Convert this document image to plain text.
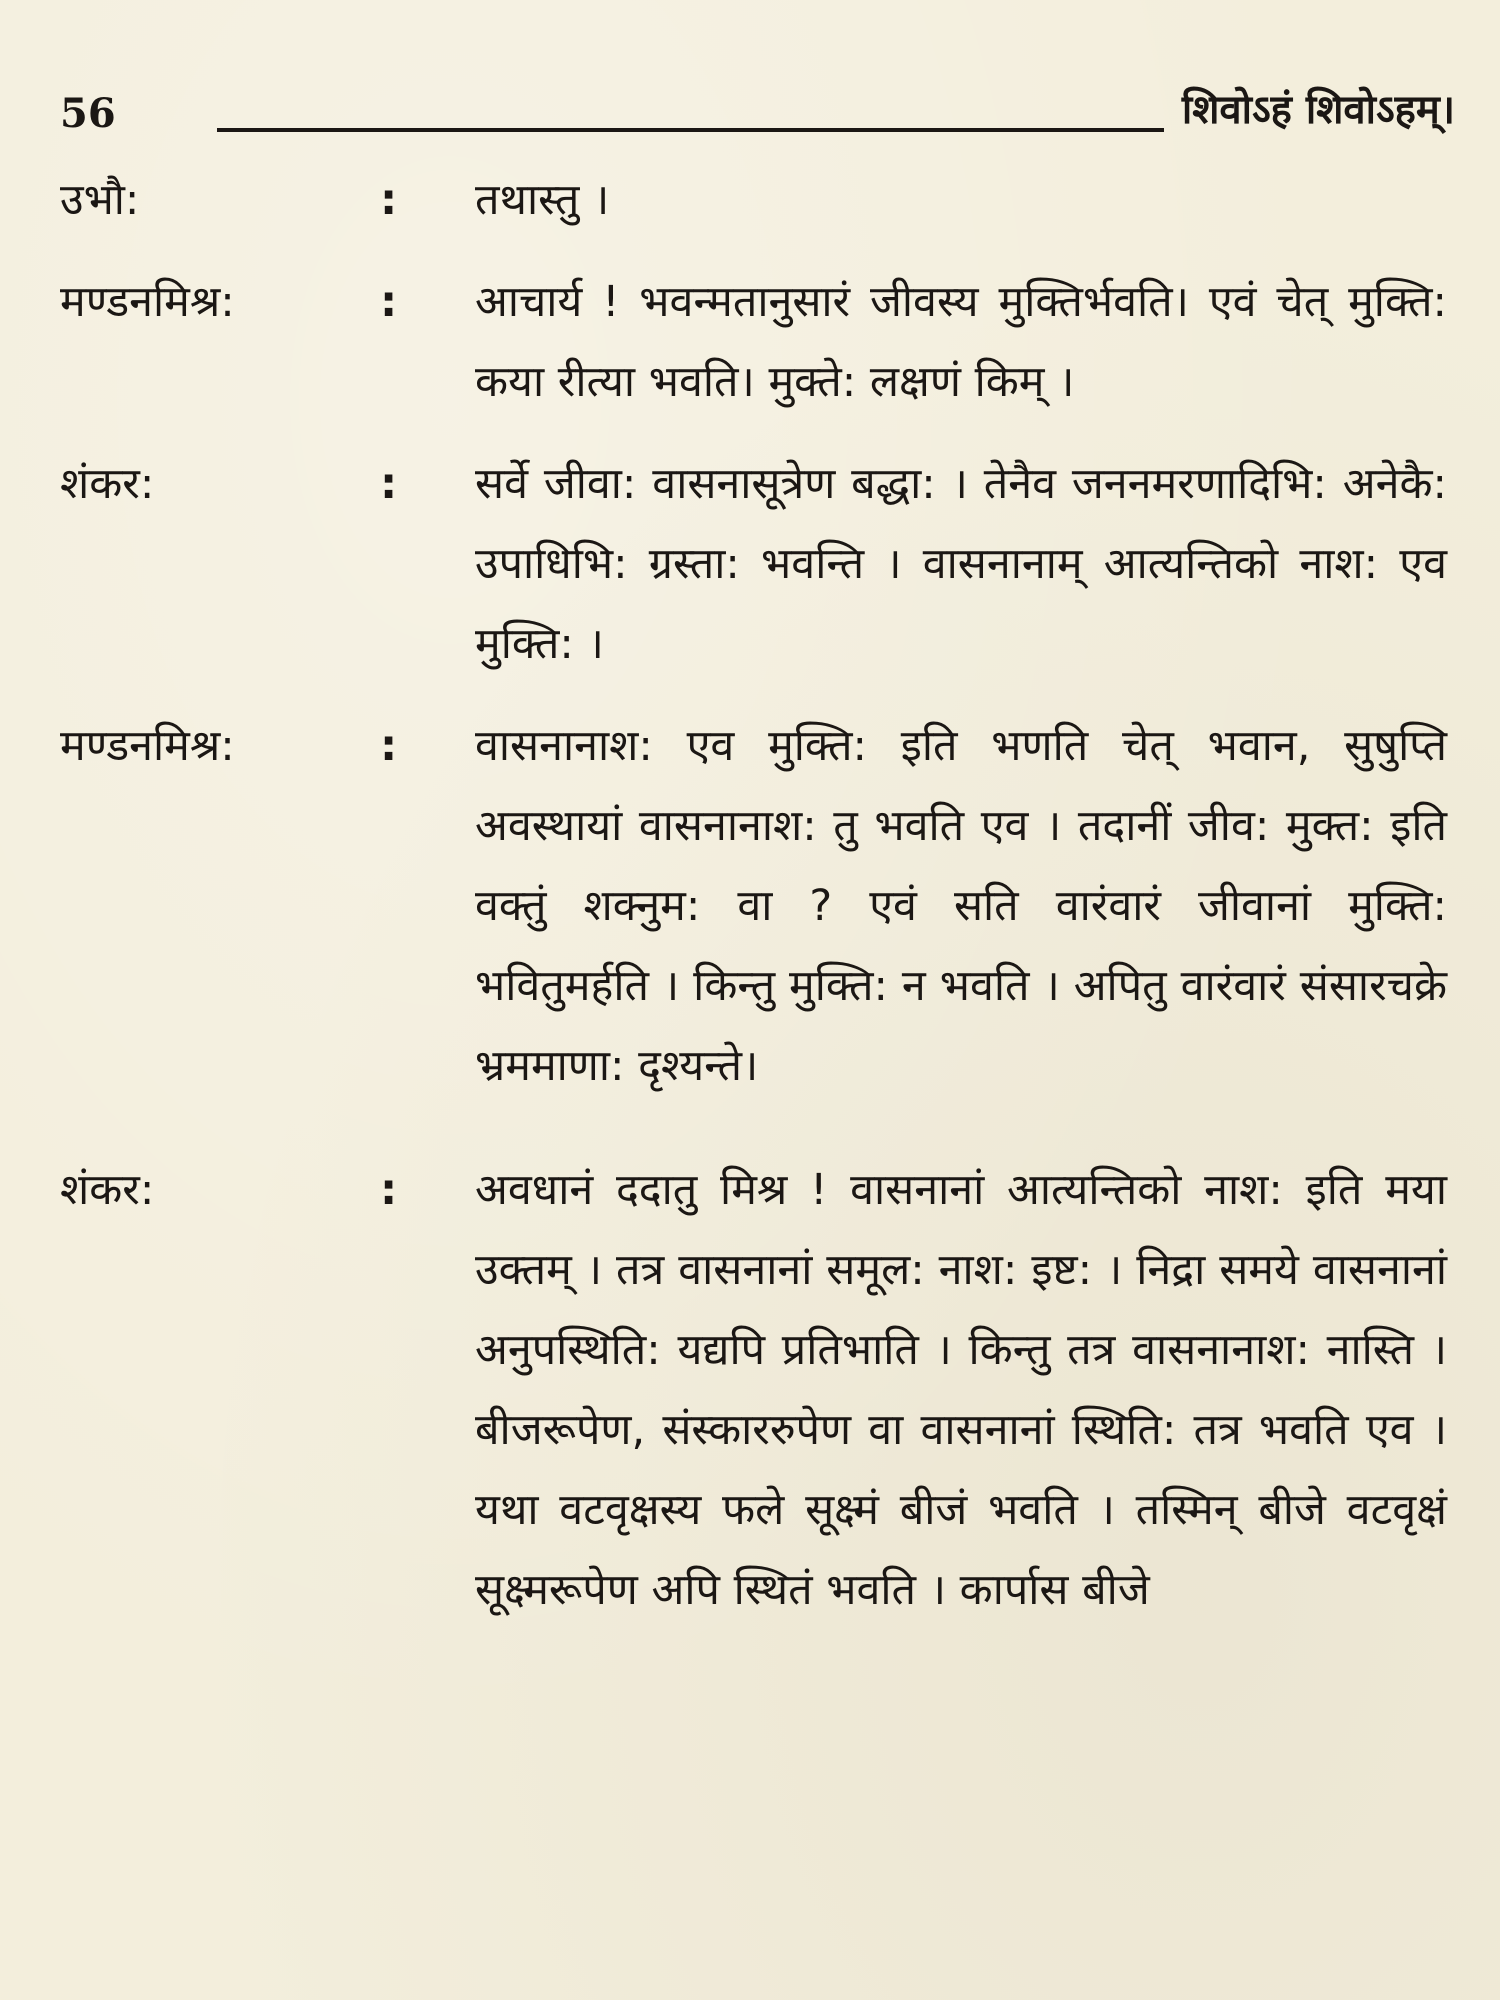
56	शिवोऽहं शिवोऽहम्।
उभौ:	:	तथास्तु ।

मण्डनमिश्र:	:	आचार्य ! भवन्मतानुसारं जीवस्य मुक्तिर्भवति। एवं चेत् मुक्ति: कया रीत्या भवति। मुक्ते: लक्षणं किम् ।

शंकर:	:	सर्वे जीवा: वासनासूत्रेण बद्धा: । तेनैव जननमरणादिभि: अनेकै: उपाधिभि: ग्रस्ता: भवन्ति । वासनानाम् आत्यन्तिको नाश: एव मुक्ति: ।

मण्डनमिश्र:	:	वासनानाश: एव मुक्ति: इति भणति चेत् भवान, सुषुप्ति अवस्थायां वासनानाश: तु भवति एव । तदानीं जीव: मुक्त: इति वक्तुं शक्नुम: वा ? एवं सति वारंवारं जीवानां मुक्ति: भवितुमर्हति । किन्तु मुक्ति: न भवति । अपितु वारंवारं संसारचक्रे भ्रममाणा: दृश्यन्ते।

शंकर:	:	अवधानं ददातु मिश्र ! वासनानां आत्यन्तिको नाश: इति मया उक्तम् । तत्र वासनानां समूल: नाश: इष्ट: । निद्रा समये वासनानां अनुपस्थिति: यद्यपि प्रतिभाति । किन्तु तत्र वासनानाश: नास्ति । बीजरूपेण, संस्काररुपेण वा वासनानां स्थिति: तत्र भवति एव । यथा वटवृक्षस्य फले सूक्ष्मं बीजं भवति । तस्मिन् बीजे वटवृक्षं सूक्ष्मरूपेण अपि स्थितं भवति । कार्पास बीजे
